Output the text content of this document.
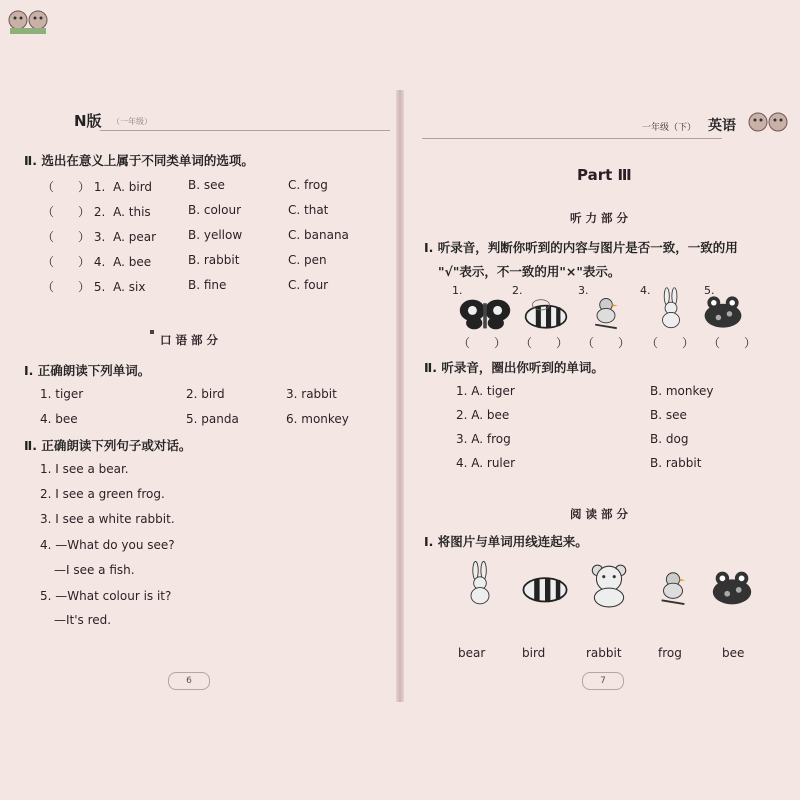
N版 （一年级）
Ⅱ. 选出在意义上属于不同类单词的选项。
（　　） 1. A. bird	B. see	C. frog
（　　） 2. A. this	B. colour	C. that
（　　） 3. A. pear	B. yellow	C. banana
（　　） 4. A. bee	B. rabbit	C. pen
（　　） 5. A. six	B. fine	C. four
口语部分
Ⅰ. 正确朗读下列单词。
1. tiger	2. bird	3. rabbit
4. bee	5. panda	6. monkey
Ⅱ. 正确朗读下列句子或对话。
1. I see a bear.
2. I see a green frog.
3. I see a white rabbit.
4. —What do you see?
—I see a fish.
5. —What colour is it?
—It's red.
6
一年级（下） 英语
Part Ⅲ
听力部分
Ⅰ. 听录音，判断你听到的内容与图片是否一致，一致的用
"√"表示，不一致的用"×"表示。
1.	2.	3.	4.	5.
（　　） （　　） （　　） （　　） （　　）
Ⅱ. 听录音，圈出你听到的单词。
1. A. tiger	B. monkey
2. A. bee	B. see
3. A. frog	B. dog
4. A. ruler	B. rabbit
阅读部分
Ⅰ. 将图片与单词用线连起来。
bear	bird	rabbit	frog	bee
7
